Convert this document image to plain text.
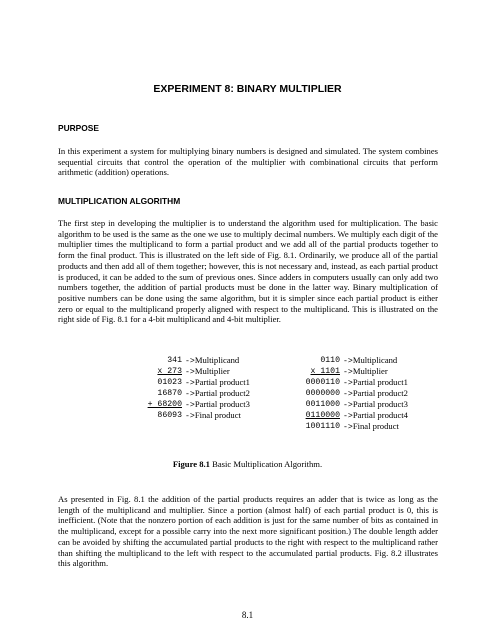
EXPERIMENT 8: BINARY MULTIPLIER
PURPOSE

In this experiment a system for multiplying binary numbers is designed and simulated. The system combines sequential circuits that control the operation of the multiplier with combinational circuits that perform arithmetic (addition) operations.

MULTIPLICATION ALGORITHM

The first step in developing the multiplier is to understand the algorithm used for multiplication. The basic algorithm to be used is the same as the one we use to multiply decimal numbers. We multiply each digit of the multiplier times the multiplicand to form a partial product and we add all of the partial products together to form the final product. This is illustrated on the left side of Fig. 8.1. Ordinarily, we produce all of the partial products and then add all of them together; however, this is not necessary and, instead, as each partial product is produced, it can be added to the sum of previous ones. Since adders in computers usually can only add two numbers together, the addition of partial products must be done in the latter way. Binary multiplication of positive numbers can be done using the same algorithm, but it is simpler since each partial product is either zero or equal to the multiplicand properly aligned with respect to the multiplicand. This is illustrated on the right side of Fig. 8.1 for a 4-bit multiplicand and 4-bit multiplier.

341 ->Multiplicand
x 273 ->Multiplier
01023 ->Partial product1
16870 ->Partial product2
+ 68200 ->Partial product3
86093 ->Final product
0110 ->Multiplicand
x 1101 ->Multiplier
0000110 ->Partial product1
0000000 ->Partial product2
0011000 ->Partial product3
0110000 ->Partial product4
1001110 ->Final product
Figure 8.1 Basic Multiplication Algorithm.

As presented in Fig. 8.1 the addition of the partial products requires an adder that is twice as long as the length of the multiplicand and multiplier. Since a portion (almost half) of each partial product is 0, this is inefficient. (Note that the nonzero portion of each addition is just for the same number of bits as contained in the multiplicand, except for a possible carry into the next more significant position.) The double length adder can be avoided by shifting the accumulated partial products to the right with respect to the multiplicand rather than shifting the multiplicand to the left with respect to the accumulated partial products. Fig. 8.2 illustrates this algorithm.

8.1
